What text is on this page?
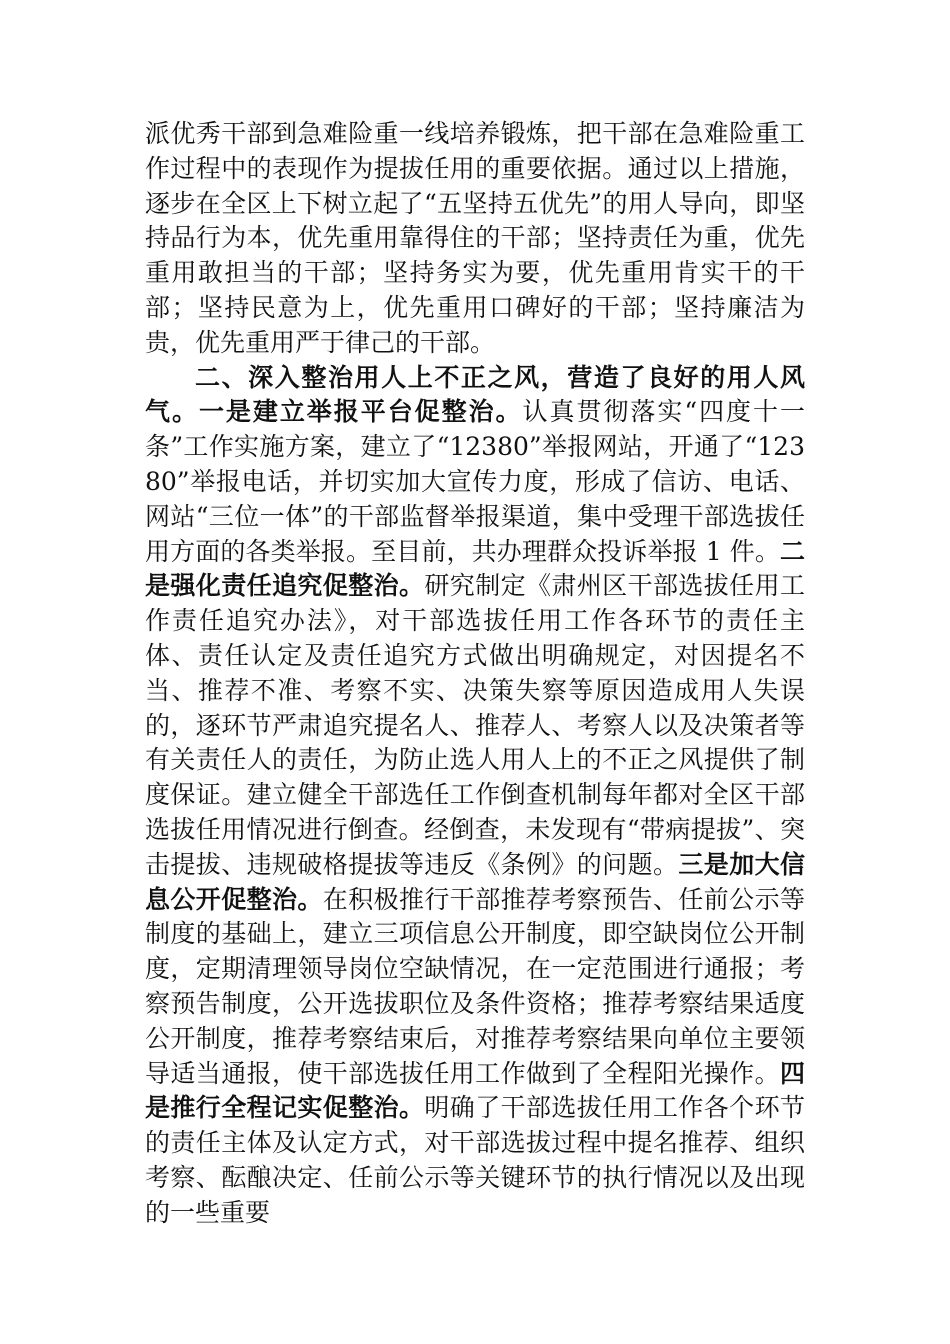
派优秀干部到急难险重一线培养锻炼，把干部在急难险重工作过程中的表现作为提拔任用的重要依据。通过以上措施，逐步在全区上下树立起了“五坚持五优先”的用人导向，即坚持品行为本，优先重用靠得住的干部；坚持责任为重，优先重用敢担当的干部；坚持务实为要，优先重用肯实干的干部；坚持民意为上，优先重用口碑好的干部；坚持廉洁为贵，优先重用严于律己的干部。

二、深入整治用人上不正之风，营造了良好的用人风气。一是建立举报平台促整治。认真贯彻落实“四度十一条”工作实施方案，建立了“12380”举报网站，开通了“12380”举报电话，并切实加大宣传力度，形成了信访、电话、网站“三位一体”的干部监督举报渠道，集中受理干部选拔任用方面的各类举报。至目前，共办理群众投诉举报 1 件。二是强化责任追究促整治。研究制定《肃州区干部选拔任用工作责任追究办法》，对干部选拔任用工作各环节的责任主体、责任认定及责任追究方式做出明确规定，对因提名不当、推荐不准、考察不实、决策失察等原因造成用人失误的，逐环节严肃追究提名人、推荐人、考察人以及决策者等有关责任人的责任，为防止选人用人上的不正之风提供了制度保证。建立健全干部选任工作倒查机制每年都对全区干部选拔任用情况进行倒查。经倒查，未发现有“带病提拔”、突击提拔、违规破格提拔等违反《条例》的问题。三是加大信息公开促整治。在积极推行干部推荐考察预告、任前公示等制度的基础上，建立三项信息公开制度，即空缺岗位公开制度，定期清理领导岗位空缺情况，在一定范围进行通报；考察预告制度，公开选拔职位及条件资格；推荐考察结果适度公开制度，推荐考察结束后，对推荐考察结果向单位主要领导适当通报，使干部选拔任用工作做到了全程阳光操作。四是推行全程记实促整治。明确了干部选拔任用工作各个环节的责任主体及认定方式，对干部选拔过程中提名推荐、组织考察、酝酿决定、任前公示等关键环节的执行情况以及出现的一些重要
